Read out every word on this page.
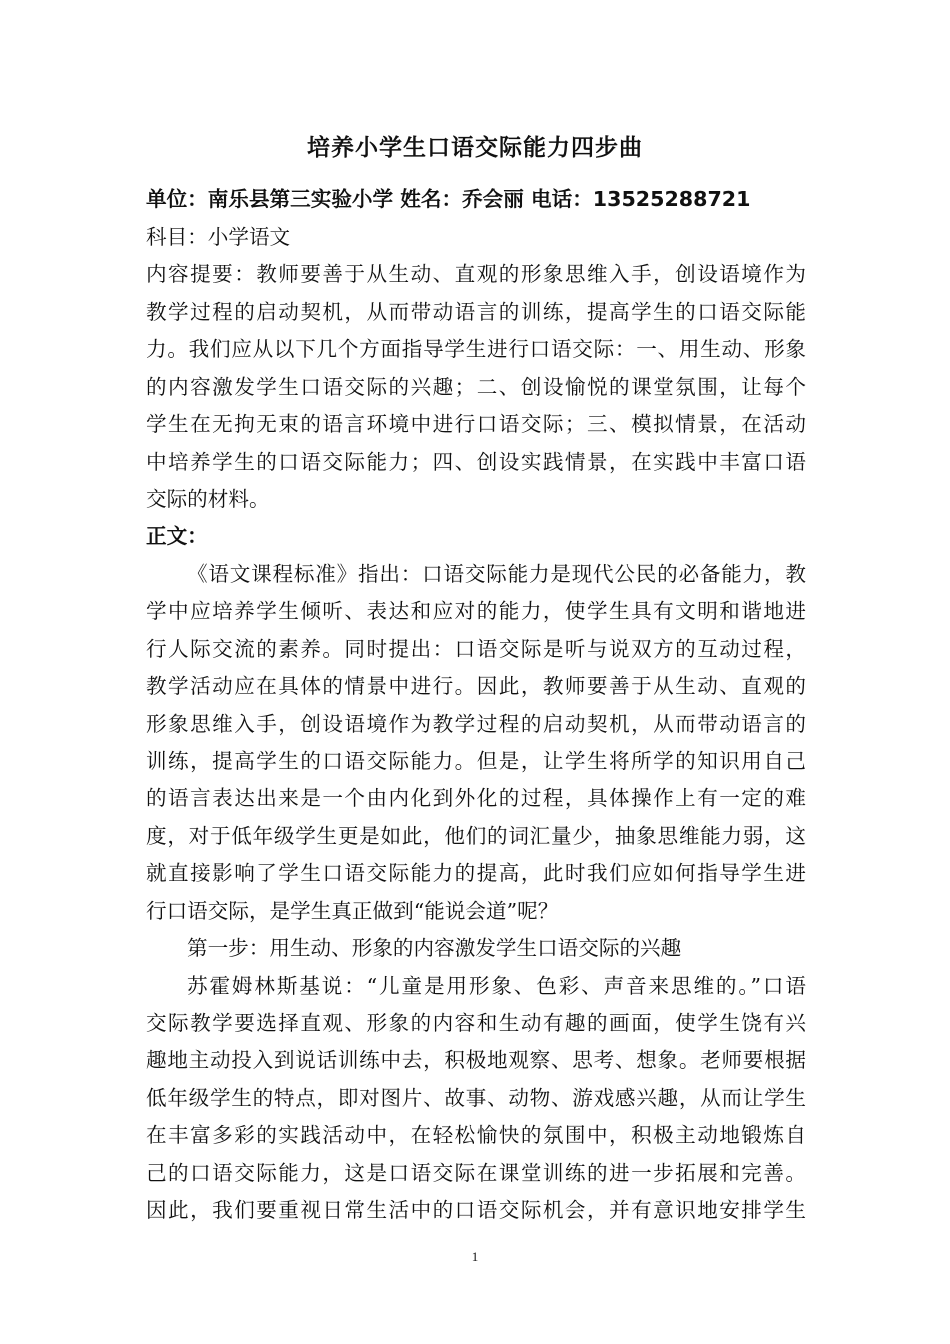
培养小学生口语交际能力四步曲
单位：南乐县第三实验小学 姓名：乔会丽 电话：13525288721
科目：小学语文
内容提要：教师要善于从生动、直观的形象思维入手，创设语境作为
教学过程的启动契机，从而带动语言的训练，提高学生的口语交际能
力。我们应从以下几个方面指导学生进行口语交际：一、用生动、形象
的内容激发学生口语交际的兴趣；二、创设愉悦的课堂氛围，让每个
学生在无拘无束的语言环境中进行口语交际；三、模拟情景，在活动
中培养学生的口语交际能力；四、创设实践情景，在实践中丰富口语
交际的材料。
正文：
《语文课程标准》指出：口语交际能力是现代公民的必备能力，教
学中应培养学生倾听、表达和应对的能力，使学生具有文明和谐地进
行人际交流的素养。同时提出：口语交际是听与说双方的互动过程，
教学活动应在具体的情景中进行。因此，教师要善于从生动、直观的
形象思维入手，创设语境作为教学过程的启动契机，从而带动语言的
训练，提高学生的口语交际能力。但是，让学生将所学的知识用自己
的语言表达出来是一个由内化到外化的过程，具体操作上有一定的难
度，对于低年级学生更是如此，他们的词汇量少，抽象思维能力弱，这
就直接影响了学生口语交际能力的提高，此时我们应如何指导学生进
行口语交际，是学生真正做到“能说会道”呢？
第一步：用生动、形象的内容激发学生口语交际的兴趣
苏霍姆林斯基说：“儿童是用形象、色彩、声音来思维的。”口语
交际教学要选择直观、形象的内容和生动有趣的画面，使学生饶有兴
趣地主动投入到说话训练中去，积极地观察、思考、想象。老师要根据
低年级学生的特点，即对图片、故事、动物、游戏感兴趣，从而让学生
在丰富多彩的实践活动中，在轻松愉快的氛围中，积极主动地锻炼自
己的口语交际能力，这是口语交际在课堂训练的进一步拓展和完善。
因此，我们要重视日常生活中的口语交际机会，并有意识地安排学生
1
